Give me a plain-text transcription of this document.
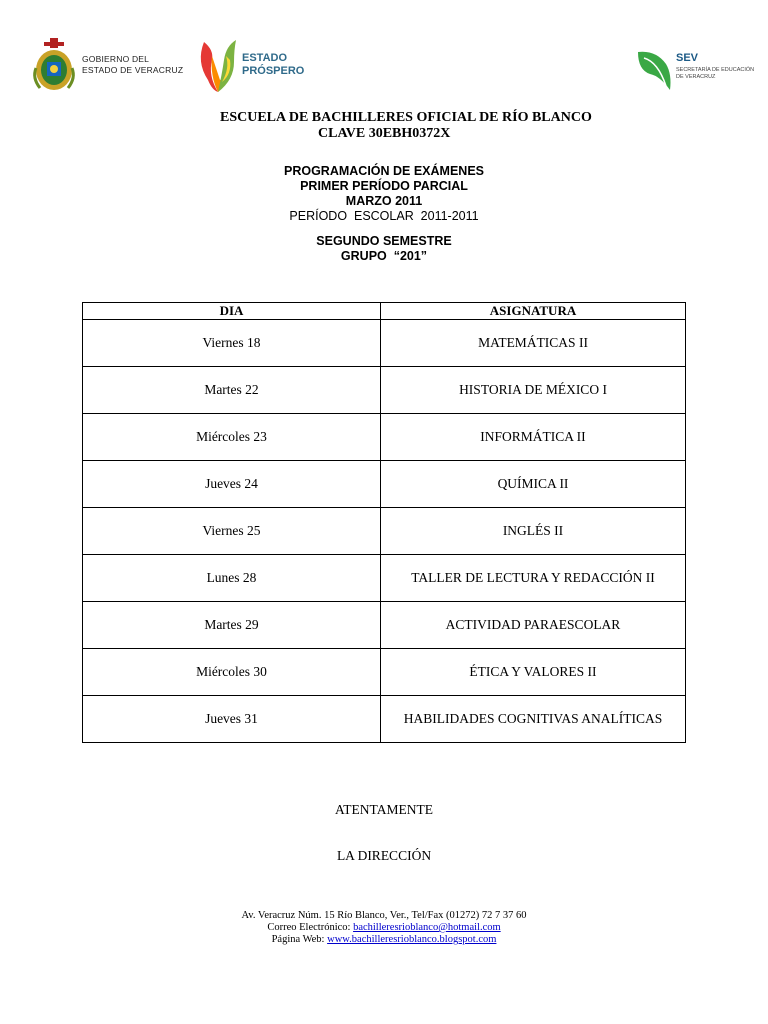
GOBIERNO DEL
ESTADO DE VERACRUZ
ESTADO
PRÓSPERO
SEV
SECRETARÍA DE EDUCACIÓN
DE VERACRUZ
ESCUELA DE BACHILLERES OFICIAL DE RÍO BLANCO
CLAVE 30EBH0372X
PROGRAMACIÓN DE EXÁMENES
PRIMER PERÍODO PARCIAL
MARZO 2011
PERÍODO  ESCOLAR  2011-2011
SEGUNDO SEMESTRE
GRUPO  “201”
DIA	ASIGNATURA
Viernes 18	MATEMÁTICAS II
Martes 22	HISTORIA DE MÉXICO I
Miércoles 23	INFORMÁTICA II
Jueves 24	QUÍMICA II
Viernes 25	INGLÉS II
Lunes 28	TALLER DE LECTURA Y REDACCIÓN II
Martes 29	ACTIVIDAD PARAESCOLAR
Miércoles 30	ÉTICA Y VALORES II
Jueves 31	HABILIDADES COGNITIVAS ANALÍTICAS
ATENTAMENTE
LA DIRECCIÓN
Av. Veracruz Núm. 15 Río Blanco, Ver., Tel/Fax (01272) 72 7 37 60
Correo Electrónico: bachilleresrioblanco@hotmail.com
Página Web: www.bachilleresrioblanco.blogspot.com
